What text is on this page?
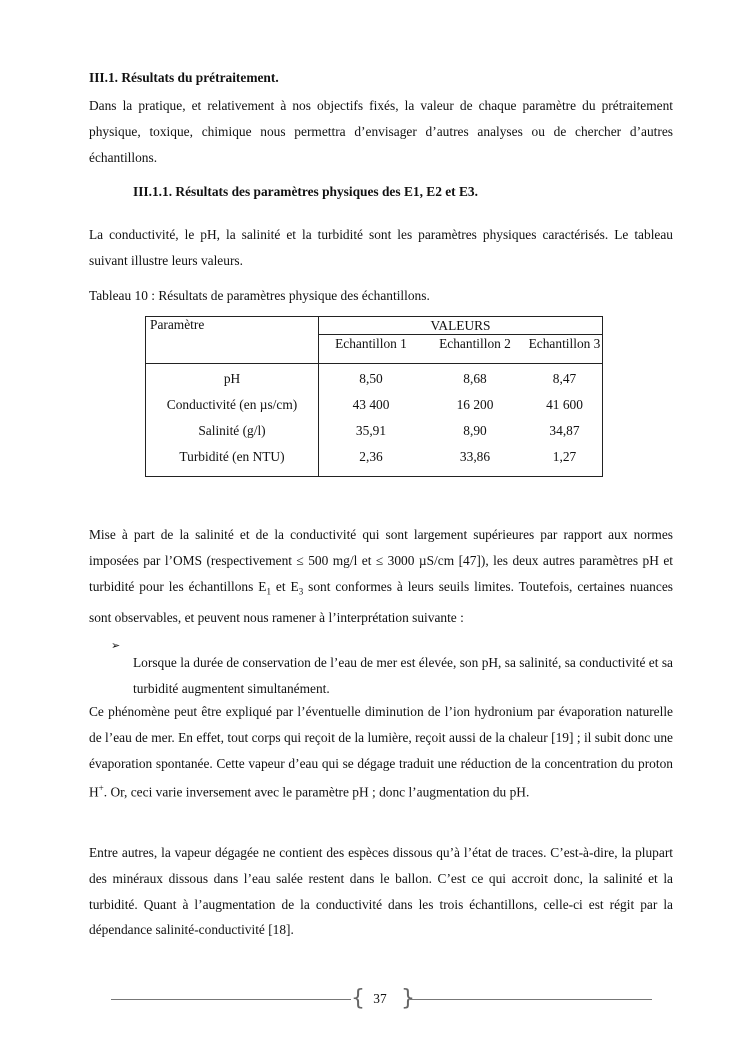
III.1. Résultats du prétraitement.

Dans la pratique, et relativement à nos objectifs fixés, la valeur de chaque paramètre du prétraitement physique, toxique, chimique nous permettra d’envisager d’autres analyses ou de chercher d’autres échantillons.

III.1.1. Résultats des paramètres physiques des E1, E2 et E3.

La conductivité, le pH, la salinité et la turbidité sont les paramètres physiques caractérisés. Le tableau suivant illustre leurs valeurs.

Tableau 10 : Résultats de paramètres physique des échantillons.
Paramètre	VALEURS		
	Echantillon 1	Echantillon 2	Echantillon 3
pH	8,50	8,68	8,47
Conductivité (en µs/cm)	43 400	16 200	41 600
Salinité (g/l)	35,91	8,90	34,87
Turbidité (en NTU)	2,36	33,86	1,27

Mise à part de la salinité et de la conductivité qui sont largement supérieures par rapport aux normes imposées par l’OMS (respectivement ≤ 500 mg/l et ≤ 3000 µS/cm [47]), les deux autres paramètres pH et turbidité pour les échantillons $E_1$ et $E_3$ sont conformes à leurs seuils limites. Toutefois, certaines nuances sont observables, et peuvent nous ramener à l’interprétation suivante :

➢

Lorsque la durée de conservation de l’eau de mer est élevée, son pH, sa salinité, sa conductivité et sa turbidité augmentent simultanément.

Ce phénomène peut être expliqué par l’éventuelle diminution de l’ion hydronium par évaporation naturelle de l’eau de mer. En effet, tout corps qui reçoit de la lumière, reçoit aussi de la chaleur [19] ; il subit donc une évaporation spontanée. Cette vapeur d’eau qui se dégage traduit une réduction de la concentration du proton H+. Or, ceci varie inversement avec le paramètre pH ; donc l’augmentation du pH.

Entre autres, la vapeur dégagée ne contient des espèces dissous qu’à l’état de traces. C’est-à-dire, la plupart des minéraux dissous dans l’eau salée restent dans le ballon. C’est ce qui accroit donc, la salinité et la turbidité. Quant à l’augmentation de la conductivité dans les trois échantillons, celle-ci est régit par la dépendance salinité-conductivité [18].

{ 37 }
